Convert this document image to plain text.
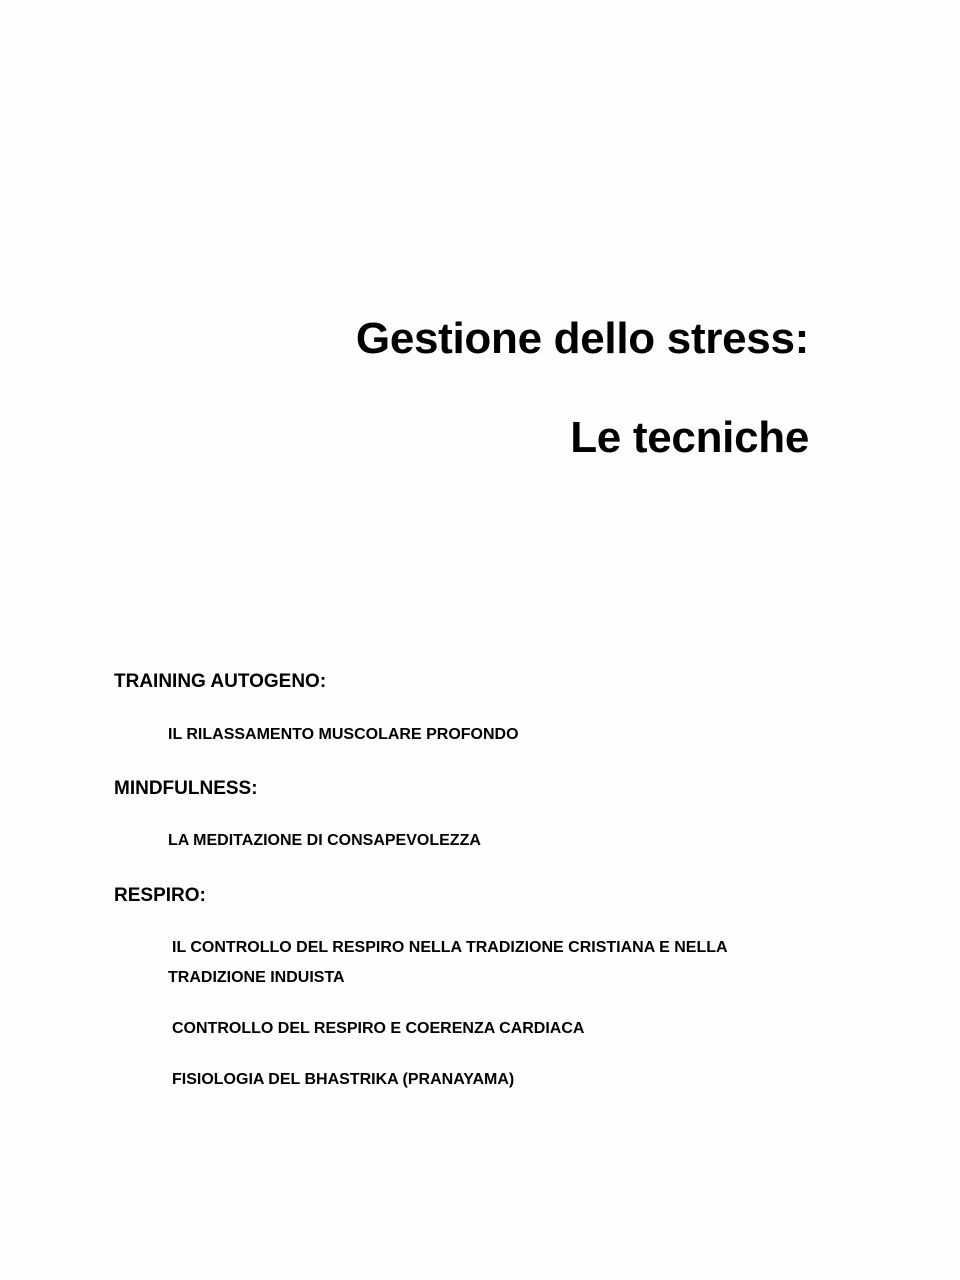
Gestione dello stress:
Le tecniche
TRAINING AUTOGENO:

IL RILASSAMENTO MUSCOLARE PROFONDO

MINDFULNESS:

LA MEDITAZIONE DI CONSAPEVOLEZZA

RESPIRO:

IL CONTROLLO DEL RESPIRO NELLA TRADIZIONE CRISTIANA E NELLA

TRADIZIONE INDUISTA

CONTROLLO DEL RESPIRO E COERENZA CARDIACA

FISIOLOGIA DEL BHASTRIKA (PRANAYAMA)
